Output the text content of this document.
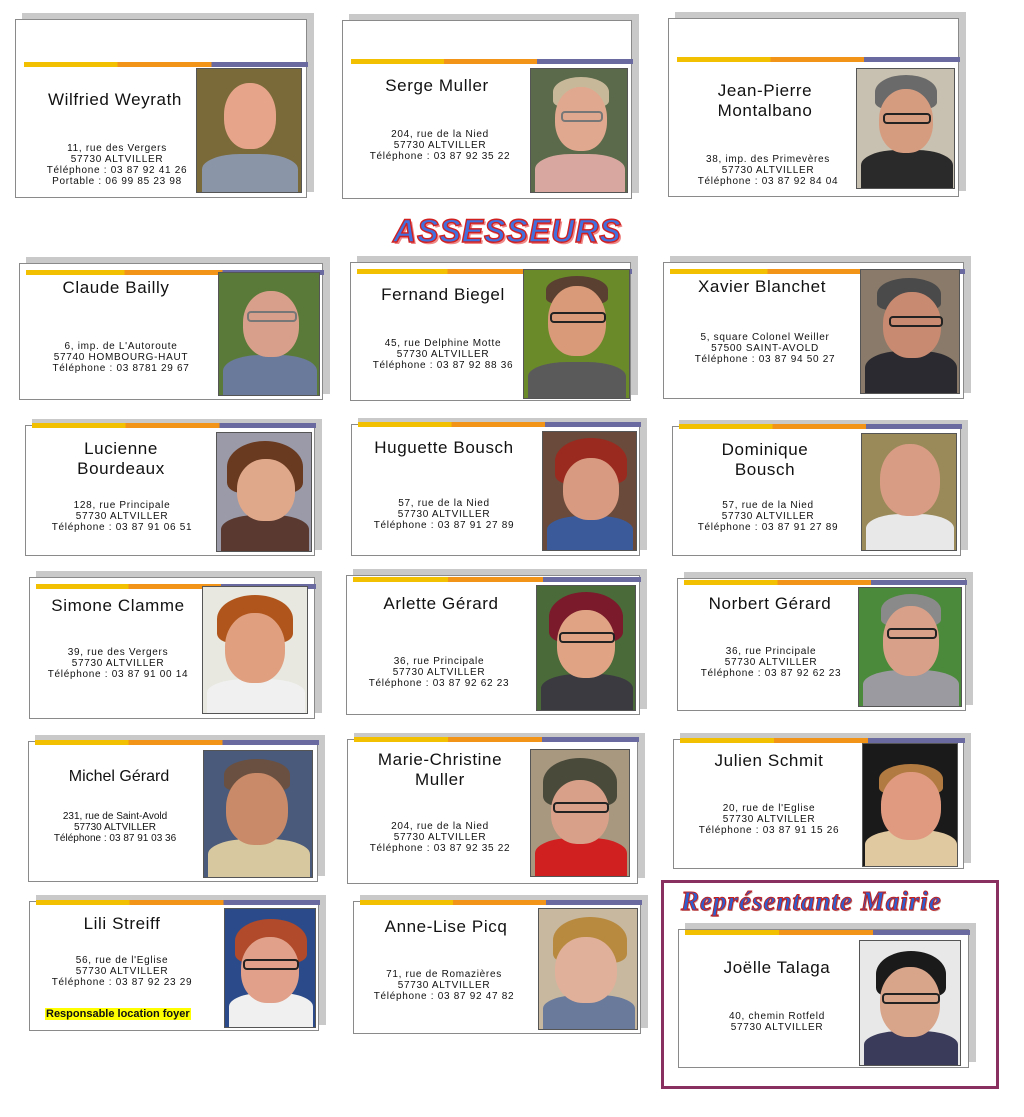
ASSESSEURS
Wilfried Weyrath

11, rue des Vergers
57730 ALTVILLER
Téléphone : 03 87 92 41 26
Portable : 06 99 85 23 98

Serge Muller

204, rue de la Nied
57730 ALTVILLER
Téléphone : 03 87 92 35 22

Jean-Pierre
Montalbano

38, imp. des Primevères
57730 ALTVILLER
Téléphone : 03 87 92 84 04

Claude Bailly

6, imp. de L'Autoroute
57740 HOMBOURG-HAUT
Téléphone : 03 8781 29 67

Fernand Biegel

45, rue Delphine Motte
57730 ALTVILLER
Téléphone : 03 87 92 88 36

Xavier Blanchet

5, square Colonel Weiller
57500 SAINT-AVOLD
Téléphone : 03 87 94 50 27

Lucienne
Bourdeaux

128, rue Principale
57730 ALTVILLER
Téléphone : 03 87 91 06 51

Huguette Bousch

57, rue de la Nied
57730 ALTVILLER
Téléphone : 03 87 91 27 89

Dominique
Bousch

57, rue de la Nied
57730 ALTVILLER
Téléphone : 03 87 91 27 89

Simone Clamme

39, rue des Vergers
57730 ALTVILLER
Téléphone : 03 87 91 00 14

Arlette Gérard

36, rue Principale
57730 ALTVILLER
Téléphone : 03 87 92 62 23

Norbert Gérard

36, rue Principale
57730 ALTVILLER
Téléphone : 03 87 92 62 23

Michel Gérard

231, rue de Saint-Avold
57730 ALTVILLER
Téléphone : 03 87 91 03 36

Marie-Christine
Muller

204, rue de la Nied
57730 ALTVILLER
Téléphone : 03 87 92 35 22

Julien Schmit

20, rue de l'Eglise
57730 ALTVILLER
Téléphone : 03 87 91 15 26

Lili Streiff

56, rue de l'Eglise
57730 ALTVILLER
Téléphone : 03 87 92 23 29

Responsable location foyer
Anne-Lise Picq

71, rue de Romazières
57730 ALTVILLER
Téléphone : 03 87 92 47 82

Représentante Mairie
Joëlle Talaga

40, chemin Rotfeld
57730 ALTVILLER
